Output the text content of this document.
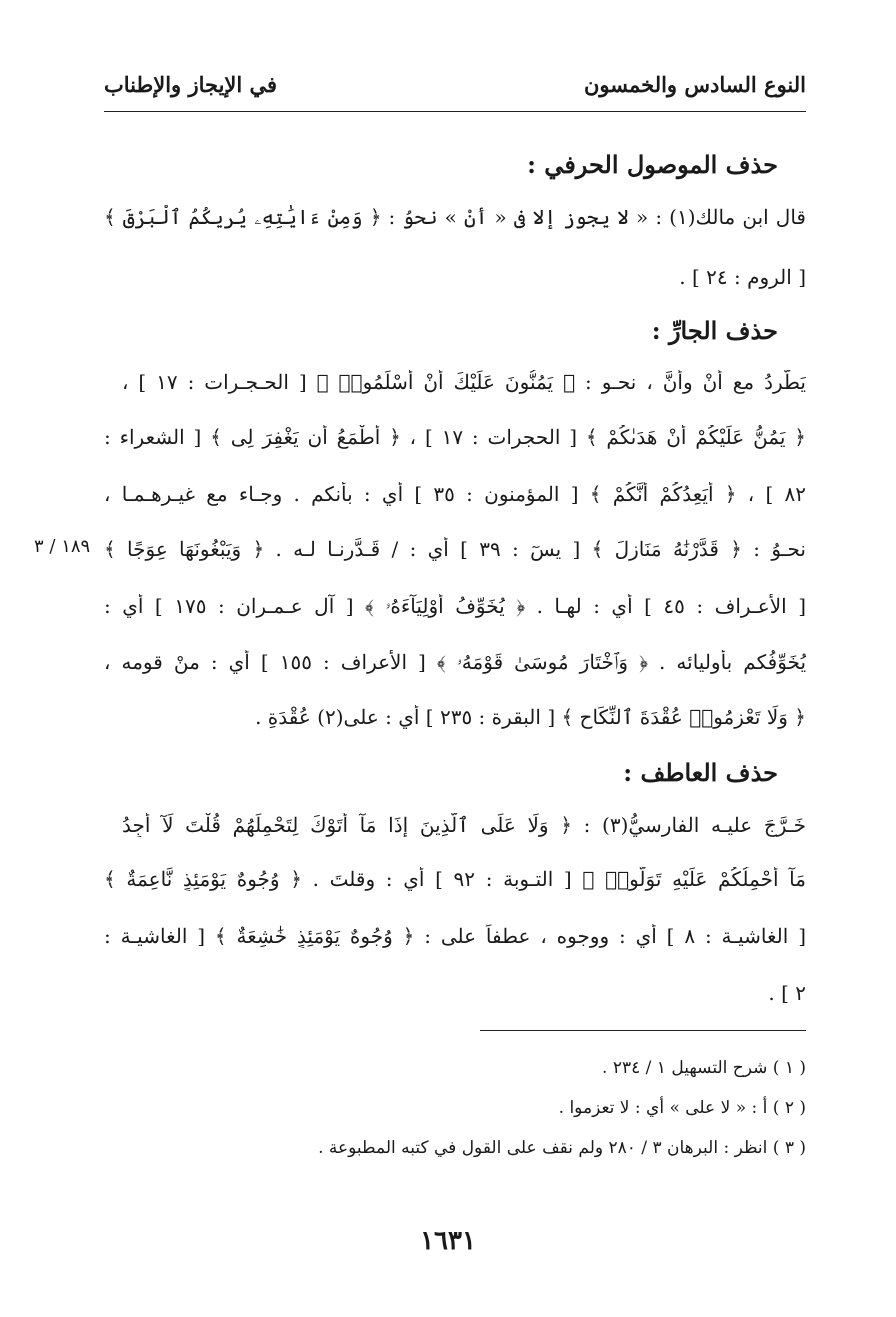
النوع السادس والخمسون
في الإيجاز والإطناب
حذف الموصول الحرفي :
قال ابن مالك(١) : « لا يجوز إلا في « أنْ » نحوُ : ﴿ وَمِنْ ءَايَٰتِهِۦ يُرِيكُمُ ٱلْبَرْقَ ﴾
[ الروم : ٢٤ ] .
حذف الجارِّ :
يَطَّرِدُ مع أنْ وأنَّ ، نحـو : ﴿ يَمُنُّونَ عَلَيْكَ أَنْ أَسْلَمُوا۟ ﴾ [ الحـجـرات : ١٧ ] ،
﴿ يَمُنُّ عَلَيْكُمْ أَنْ هَدَىٰكُمْ ﴾ [ الحجرات : ١٧ ] ، ﴿ أَطْمَعُ أَن يَغْفِرَ لِى ﴾ [ الشعراء :
٨٢ ] ، ﴿ أَيَعِدُكُمْ أَنَّكُمْ ﴾ [ المؤمنون : ٣٥ ] أي : بأنكم . وجـاء مع غيـرهـمـا ،
نحـوُ : ﴿ قَدَّرْنَٰهُ مَنَازِلَ ﴾ [ يسٓ : ٣٩ ] أي : / قَـدَّرنـا لـه . ﴿ وَيَبْغُونَهَا عِوَجًا ﴾
[ الأعـراف : ٤٥ ] أي : لهـا . ﴿ يُخَوِّفُ أَوْلِيَآءَهُۥ ﴾ [ آل عـمـران : ١٧٥ ] أي :
يُخَوِّفُكم بأوليائه . ﴿ وَٱخْتَارَ مُوسَىٰ قَوْمَهُۥ ﴾ [ الأعراف : ١٥٥ ] أي : منْ قومه ،
﴿ وَلَا تَعْزِمُوا۟ عُقْدَةَ ٱلنِّكَاحِ ﴾ [ البقرة : ٢٣٥ ] أي : على(٢) عُقْدَةِ .
١٨٩ / ٣
حذف العاطف :
خَـرَّجَ عليـه الفارسيُّ(٣) : ﴿ وَلَا عَلَى ٱلَّذِينَ إِذَا مَآ أَتَوْكَ لِتَحْمِلَهُمْ قُلْتَ لَآ أَجِدُ
مَآ أَحْمِلُكُمْ عَلَيْهِ تَوَلَّوا۟ ﴾ [ التـوبة : ٩٢ ] أي : وقلتَ . ﴿ وُجُوهٌ يَوْمَئِذٍ نَّاعِمَةٌ ﴾
[ الغاشيـة : ٨ ] أي : ووجوه ، عطفاً على : ﴿ وُجُوهٌ يَوْمَئِذٍ خَٰشِعَةٌ ﴾ [ الغاشيـة :
٢ ] .
( ١ ) شرح التسهيل ١ / ٢٣٤ .
( ٢ ) أ : « لا على » أي : لا تعزموا .
( ٣ ) انظر : البرهان ٣ / ٢٨٠ ولم نقف على القول في كتبه المطبوعة .
١٦٣١
